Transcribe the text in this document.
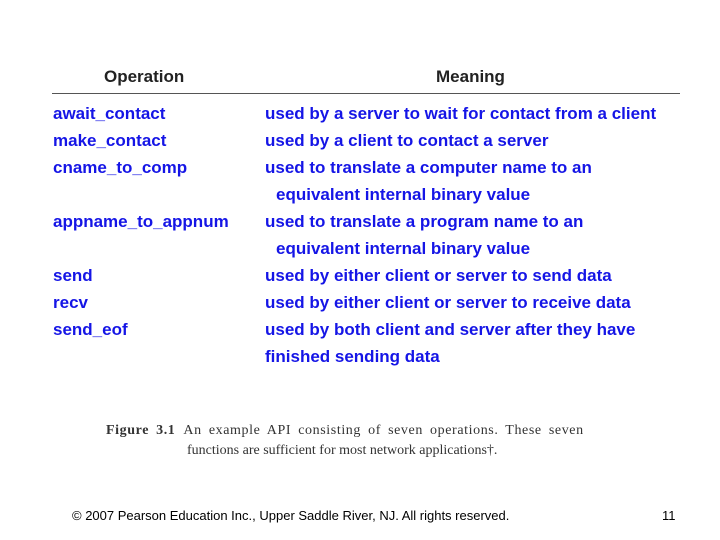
Operation	Meaning
await_contact	used by a server to wait for contact from a client
make_contact	used by a client to contact a server
cname_to_comp	used to translate a computer name to an
equivalent internal binary value
appname_to_appnum used to translate a program name to an
equivalent internal binary value
send	used by either client or server to send data
recv	used by either client or server to receive data
send_eof	used by both client and server after they have
finished sending data
Figure 3.1 An example API consisting of seven operations. These seven
functions are sufficient for most network applications†.
© 2007 Pearson Education Inc., Upper Saddle River, NJ. All rights reserved.	11
